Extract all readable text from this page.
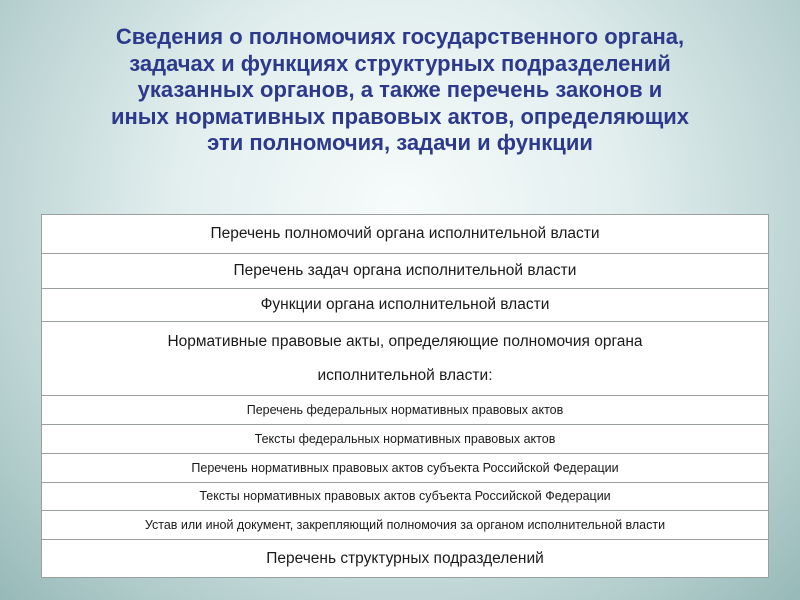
Сведения о полномочиях государственного органа,
задачах и функциях структурных подразделений
указанных органов, а также перечень законов и
иных нормативных правовых актов, определяющих
эти полномочия, задачи и функции
Перечень полномочий органа исполнительной власти
Перечень задач органа исполнительной власти
Функции органа исполнительной власти
Нормативные правовые акты, определяющие полномочия органа
исполнительной власти:
Перечень федеральных нормативных правовых актов
Тексты федеральных нормативных правовых актов
Перечень нормативных правовых актов субъекта Российской Федерации
Тексты нормативных правовых актов субъекта Российской Федерации
Устав или иной документ, закрепляющий полномочия за органом исполнительной власти
Перечень структурных подразделений
